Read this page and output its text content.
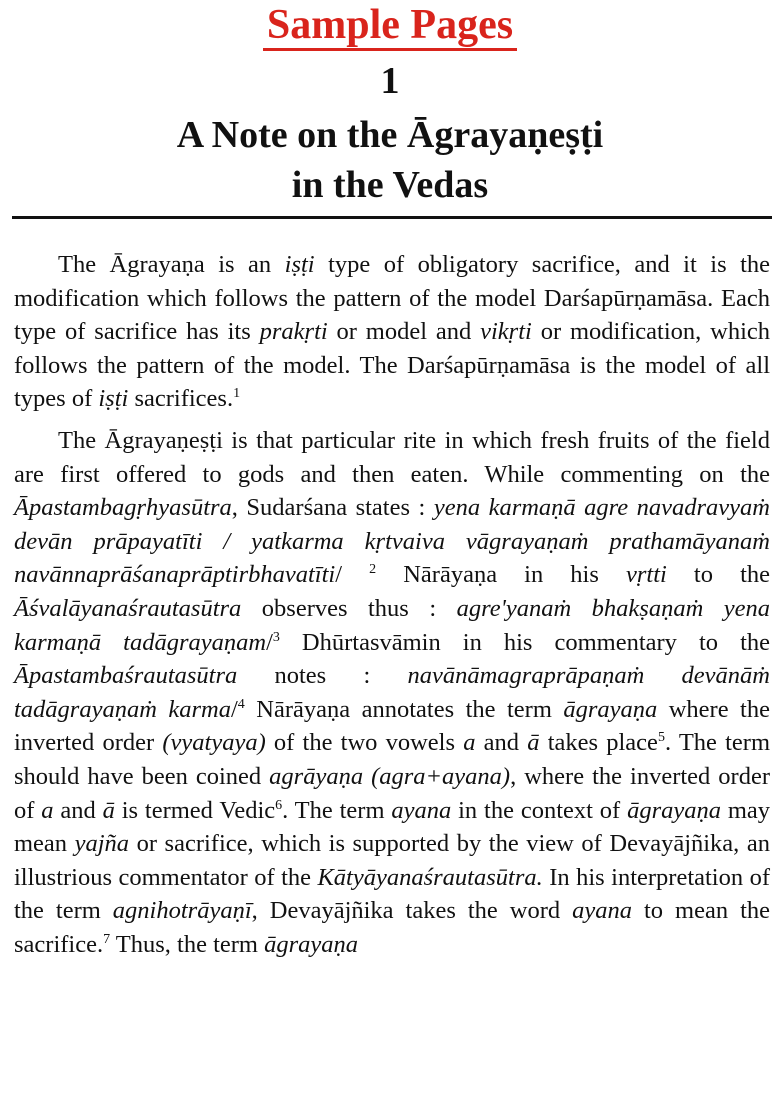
Sample Pages
1
A Note on the Āgrayaṇeṣṭi
in the Vedas

The Āgrayaṇa is an iṣṭi type of obligatory sacrifice, and it is the modification which follows the pattern of the model Darśapūrṇamāsa. Each type of sacrifice has its prakṛti or model and vikṛti or modification, which follows the pattern of the model. The Darśapūrṇamāsa is the model of all types of iṣṭi sacrifices.$^1$

The Āgrayaṇeṣṭi is that particular rite in which fresh fruits of the field are first offered to gods and then eaten. While commenting on the Āpastambagṛhyasūtra, Sudarśana states : yena karmaṇā agre navadravyaṁ devān prāpayatīti / yatkarma kṛtvaiva vāgrayaṇaṁ prathamāyanaṁ navānnaprāśanaprāptirbhavatīti/ $^2$ Nārāyaṇa in his vṛtti to the Āśvalāyanaśrautasūtra observes thus : agre'yanaṁ bhakṣaṇaṁ yena karmaṇā tadāgrayaṇam/$^3$ Dhūrtasvāmin in his commentary to the Āpastambaśrautasūtra notes : navānāmagraprāpaṇaṁ devānāṁ tadāgrayaṇaṁ karma/$^4$ Nārāyaṇa annotates the term āgrayaṇa where the inverted order (vyatyaya) of the two vowels a and ā takes place$^5$. The term should have been coined agrāyaṇa (agra+ayana), where the inverted order of a and ā is termed Vedic$^6$. The term ayana in the context of āgrayaṇa may mean yajña or sacrifice, which is supported by the view of Devayājñika, an illustrious commentator of the Kātyāyanaśrautasūtra. In his interpretation of the term agnihotrāyaṇī, Devayājñika takes the word ayana to mean the sacrifice.$^7$ Thus, the term āgrayaṇa
